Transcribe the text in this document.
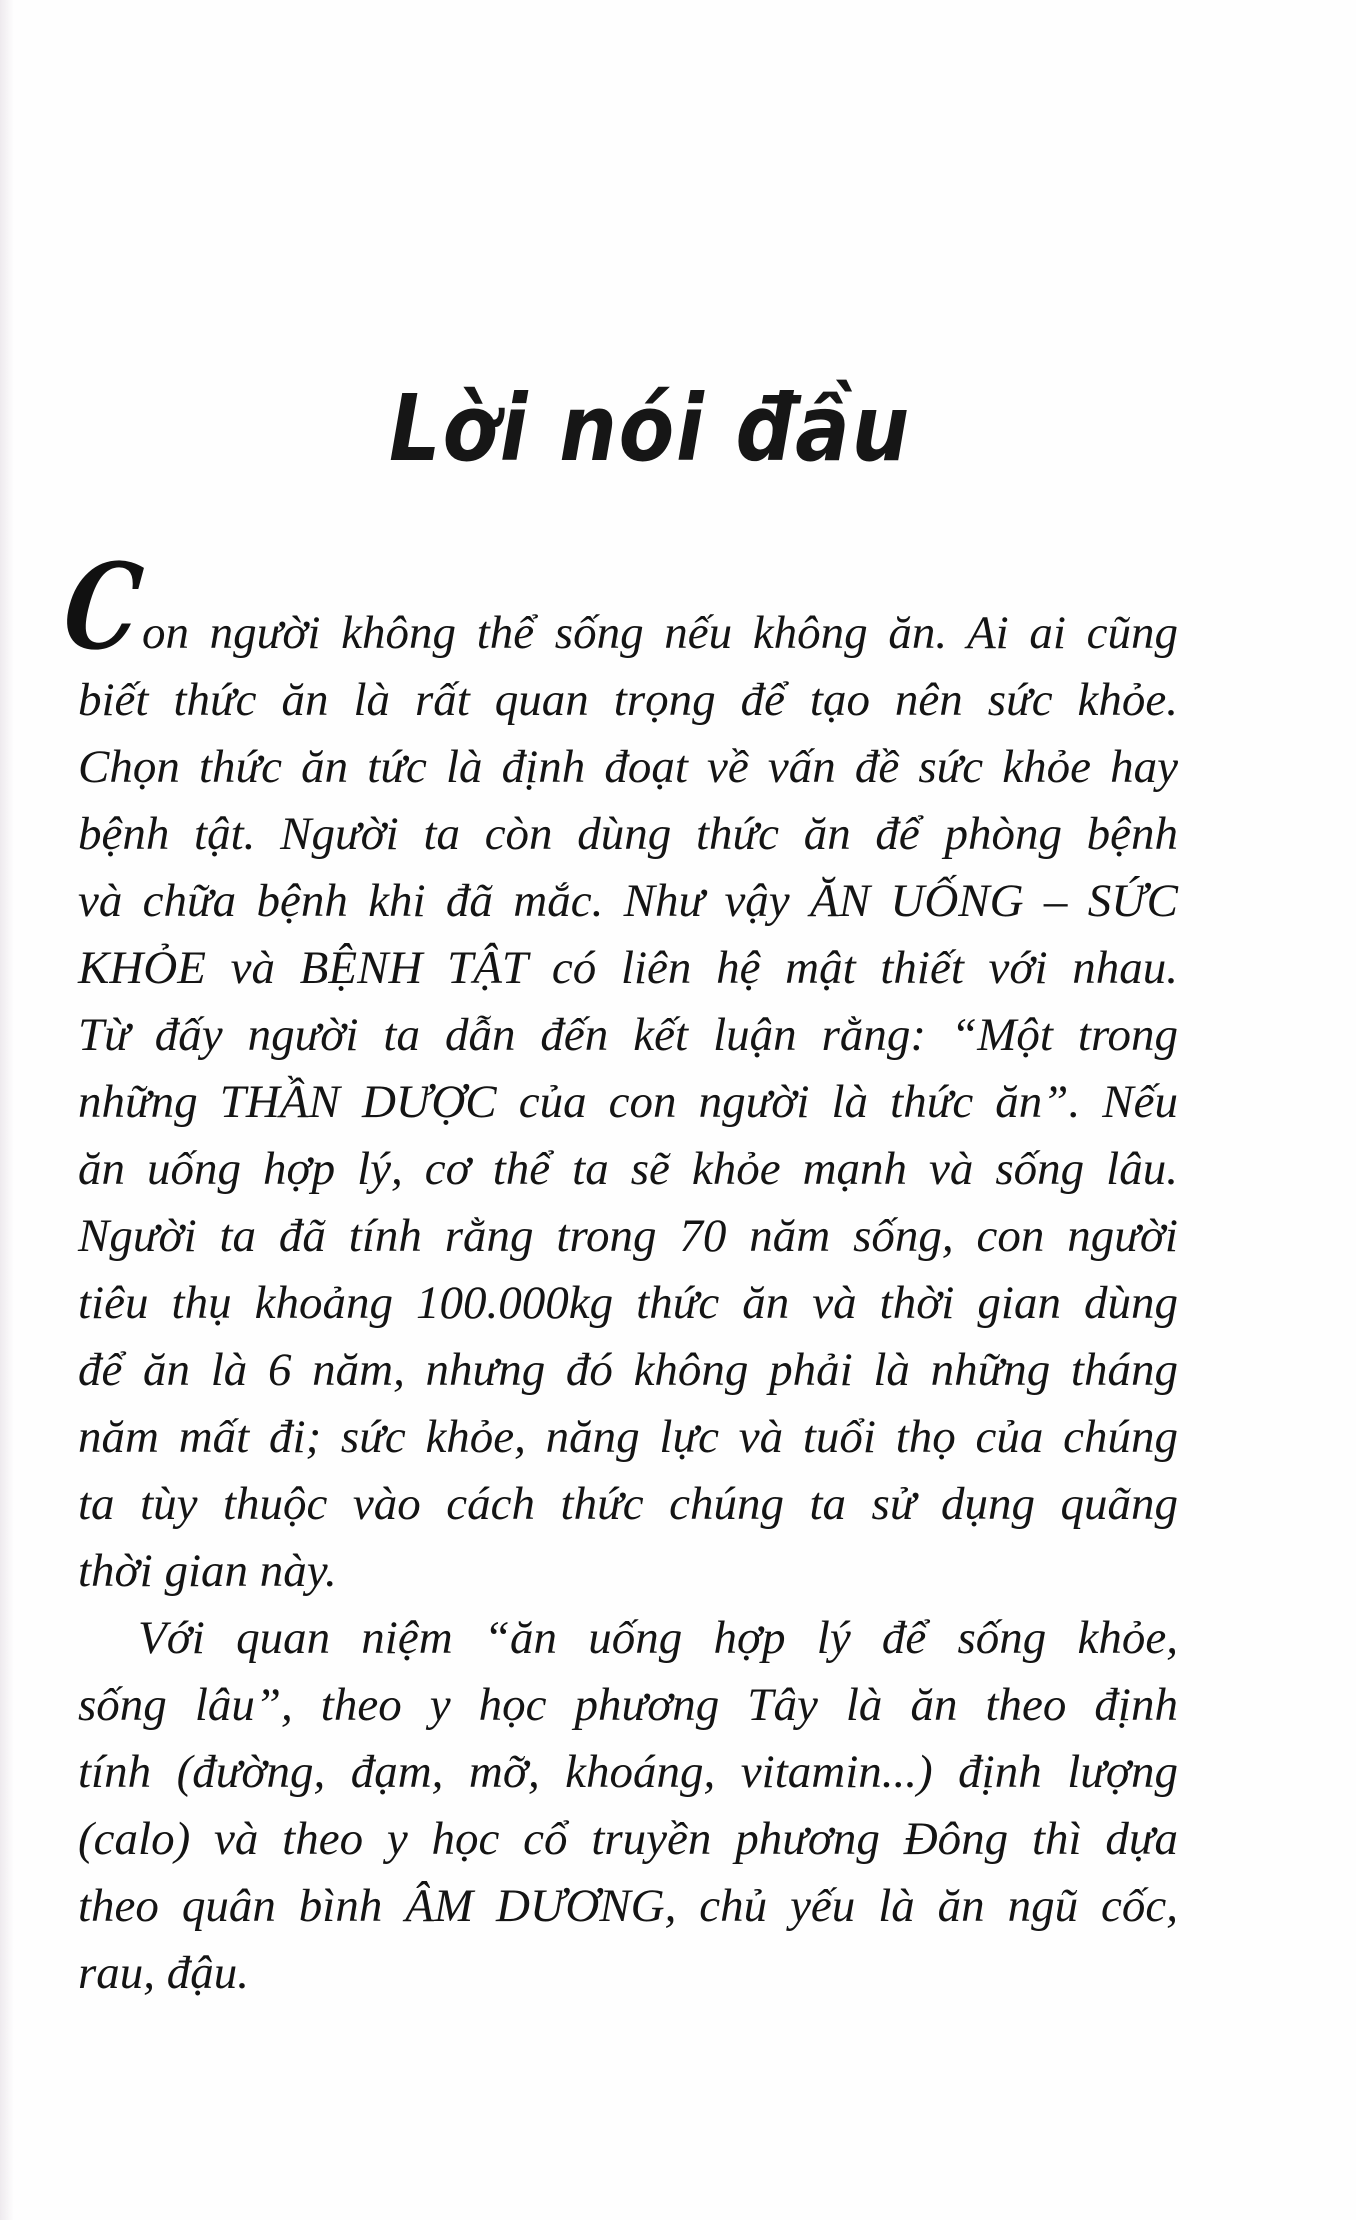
Lời nói đầu
C
on người không thể sống nếu không ăn. Ai ai cũng
biết thức ăn là rất quan trọng để tạo nên sức khỏe.
Chọn thức ăn tức là định đoạt về vấn đề sức khỏe hay
bệnh tật. Người ta còn dùng thức ăn để phòng bệnh
và chữa bệnh khi đã mắc. Như vậy ĂN UỐNG – SỨC
KHỎE và BỆNH TẬT có liên hệ mật thiết với nhau.
Từ đấy người ta dẫn đến kết luận rằng: “Một trong
những THẦN DƯỢC của con người là thức ăn”. Nếu
ăn uống hợp lý, cơ thể ta sẽ khỏe mạnh và sống lâu.
Người ta đã tính rằng trong 70 năm sống, con người
tiêu thụ khoảng 100.000kg thức ăn và thời gian dùng
để ăn là 6 năm, nhưng đó không phải là những tháng
năm mất đi; sức khỏe, năng lực và tuổi thọ của chúng
ta tùy thuộc vào cách thức chúng ta sử dụng quãng
thời gian này.
Với quan niệm “ăn uống hợp lý để sống khỏe,
sống lâu”, theo y học phương Tây là ăn theo định
tính (đường, đạm, mỡ, khoáng, vitamin...) định lượng
(calo) và theo y học cổ truyền phương Đông thì dựa
theo quân bình ÂM DƯƠNG, chủ yếu là ăn ngũ cốc,
rau, đậu.
